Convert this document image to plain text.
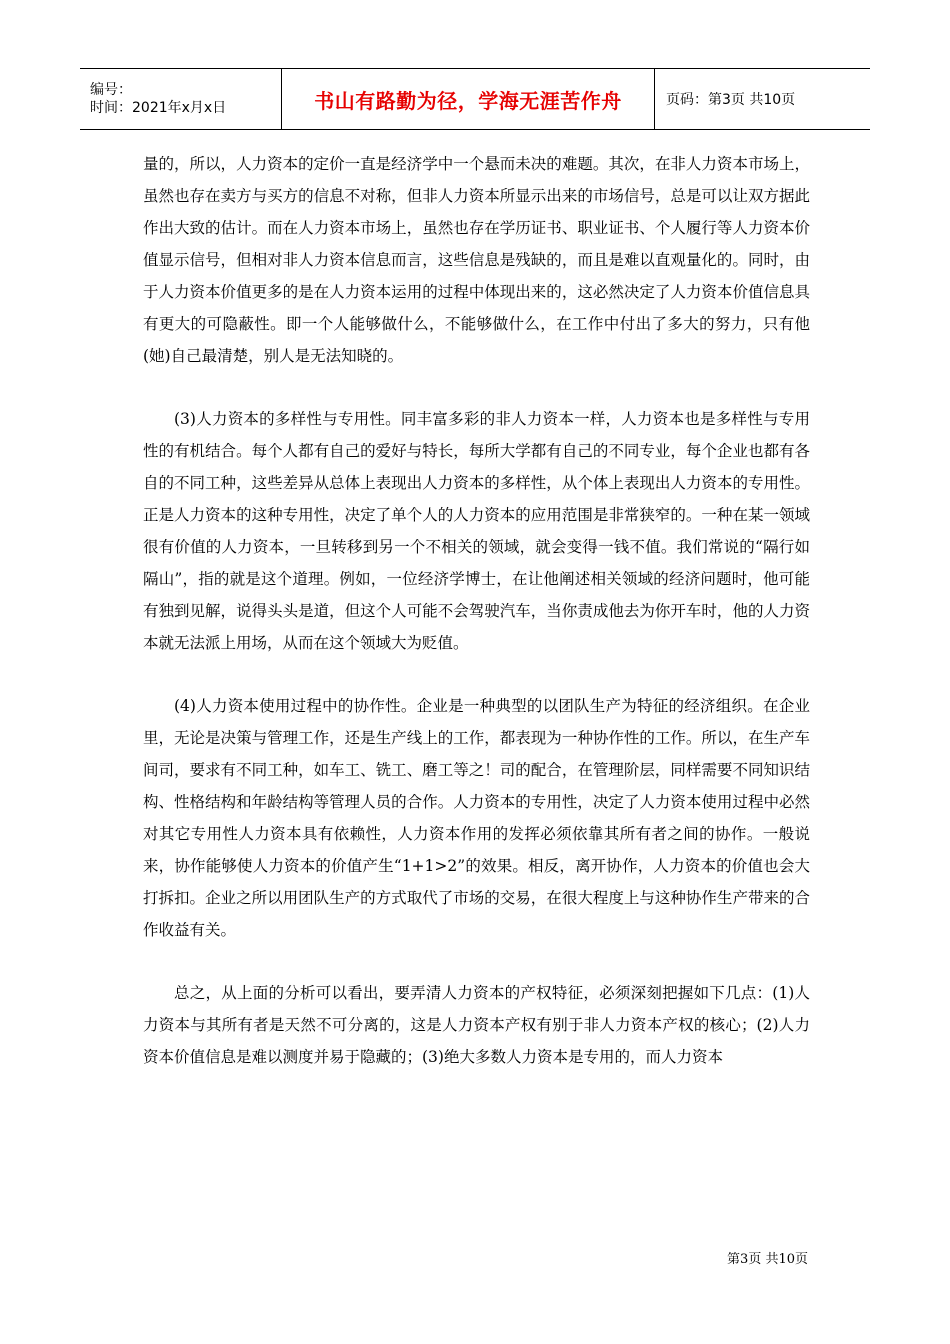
编号：
时间：2021年x月x日	书山有路勤为径，学海无涯苦作舟	页码：第3页 共10页

量的，所以，人力资本的定价一直是经济学中一个悬而未决的难题。其次，在非人力资本市场上，虽然也存在卖方与买方的信息不对称，但非人力资本所显示出来的市场信号，总是可以让双方据此作出大致的估计。而在人力资本市场上，虽然也存在学历证书、职业证书、个人履行等人力资本价值显示信号，但相对非人力资本信息而言，这些信息是残缺的，而且是难以直观量化的。同时，由于人力资本价值更多的是在人力资本运用的过程中体现出来的，这必然决定了人力资本价值信息具有更大的可隐蔽性。即一个人能够做什么，不能够做什么，在工作中付出了多大的努力，只有他(她)自己最清楚，别人是无法知晓的。

(3)人力资本的多样性与专用性。同丰富多彩的非人力资本一样，人力资本也是多样性与专用性的有机结合。每个人都有自己的爱好与特长，每所大学都有自己的不同专业，每个企业也都有各自的不同工种，这些差异从总体上表现出人力资本的多样性，从个体上表现出人力资本的专用性。正是人力资本的这种专用性，决定了单个人的人力资本的应用范围是非常狭窄的。一种在某一领域很有价值的人力资本，一旦转移到另一个不相关的领域，就会变得一钱不值。我们常说的“隔行如隔山”，指的就是这个道理。例如，一位经济学博士，在让他阐述相关领域的经济问题时，他可能有独到见解，说得头头是道，但这个人可能不会驾驶汽车，当你责成他去为你开车时，他的人力资本就无法派上用场，从而在这个领域大为贬值。

(4)人力资本使用过程中的协作性。企业是一种典型的以团队生产为特征的经济组织。在企业里，无论是决策与管理工作，还是生产线上的工作，都表现为一种协作性的工作。所以，在生产车间司，要求有不同工种，如车工、铣工、磨工等之！司的配合，在管理阶层，同样需要不同知识结构、性格结构和年龄结构等管理人员的合作。人力资本的专用性，决定了人力资本使用过程中必然对其它专用性人力资本具有依赖性，人力资本作用的发挥必须依靠其所有者之间的协作。一般说来，协作能够使人力资本的价值产生“1+1>2”的效果。相反，离开协作，人力资本的价值也会大打拆扣。企业之所以用团队生产的方式取代了市场的交易，在很大程度上与这种协作生产带来的合作收益有关。

总之，从上面的分析可以看出，要弄清人力资本的产权特征，必须深刻把握如下几点：(1)人力资本与其所有者是天然不可分离的，这是人力资本产权有别于非人力资本产权的核心；(2)人力资本价值信息是难以测度并易于隐藏的；(3)绝大多数人力资本是专用的，而人力资本

第3页 共10页
